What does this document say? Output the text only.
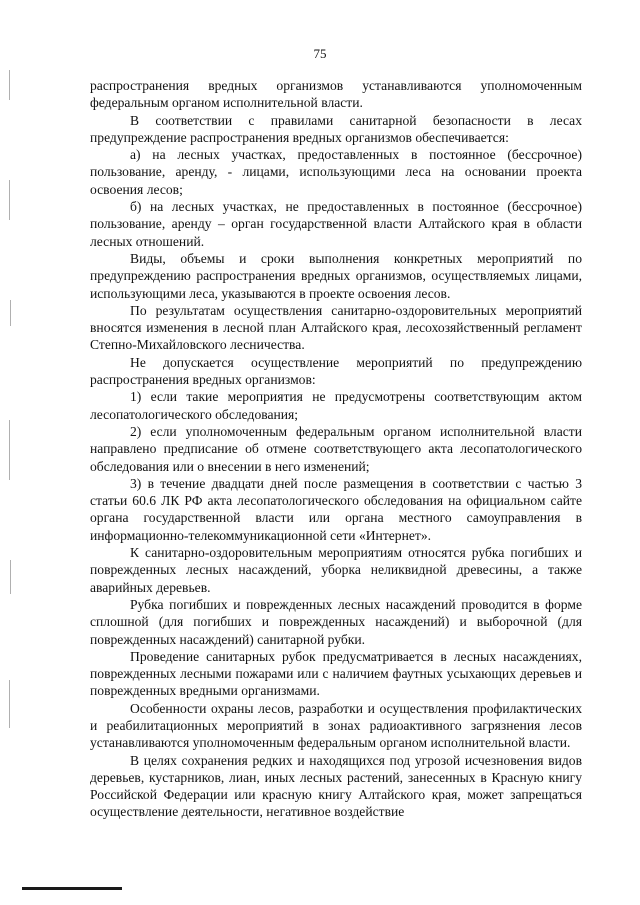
75

распространения вредных организмов устанавливаются уполномоченным федеральным органом исполнительной власти.

В соответствии с правилами санитарной безопасности в лесах предупреждение распространения вредных организмов обеспечивается:

а) на лесных участках, предоставленных в постоянное (бессрочное) пользование, аренду, - лицами, использующими леса на основании проекта освоения лесов;

б) на лесных участках, не предоставленных в постоянное (бессрочное) пользование, аренду – орган государственной власти Алтайского края в области лесных отношений.

Виды, объемы и сроки выполнения конкретных мероприятий по предупреждению распространения вредных организмов, осуществляемых лицами, использующими леса, указываются в проекте освоения лесов.

По результатам осуществления санитарно-оздоровительных мероприятий вносятся изменения в лесной план Алтайского края, лесохозяйственный регламент Степно-Михайловского лесничества.

Не допускается осуществление мероприятий по предупреждению распространения вредных организмов:

1) если такие мероприятия не предусмотрены соответствующим актом лесопатологического обследования;

2) если уполномоченным федеральным органом исполнительной власти направлено предписание об отмене соответствующего акта лесопатологического обследования или о внесении в него изменений;

3) в течение двадцати дней после размещения в соответствии с частью 3 статьи 60.6 ЛК РФ акта лесопатологического обследования на официальном сайте органа государственной власти или органа местного самоуправления в информационно-телекоммуникационной сети «Интернет».

К санитарно-оздоровительным мероприятиям относятся рубка погибших и поврежденных лесных насаждений, уборка неликвидной древесины, а также аварийных деревьев.

Рубка погибших и поврежденных лесных насаждений проводится в форме сплошной (для погибших и поврежденных насаждений) и выборочной (для поврежденных насаждений) санитарной рубки.

Проведение санитарных рубок предусматривается в лесных насаждениях, поврежденных лесными пожарами или с наличием фаутных усыхающих деревьев и поврежденных вредными организмами.

Особенности охраны лесов, разработки и осуществления профилактических и реабилитационных мероприятий в зонах радиоактивного загрязнения лесов устанавливаются уполномоченным федеральным органом исполнительной власти.

В целях сохранения редких и находящихся под угрозой исчезновения видов деревьев, кустарников, лиан, иных лесных растений, занесенных в Красную книгу Российской Федерации или красную книгу Алтайского края, может запрещаться осуществление деятельности, негативное воздействие
